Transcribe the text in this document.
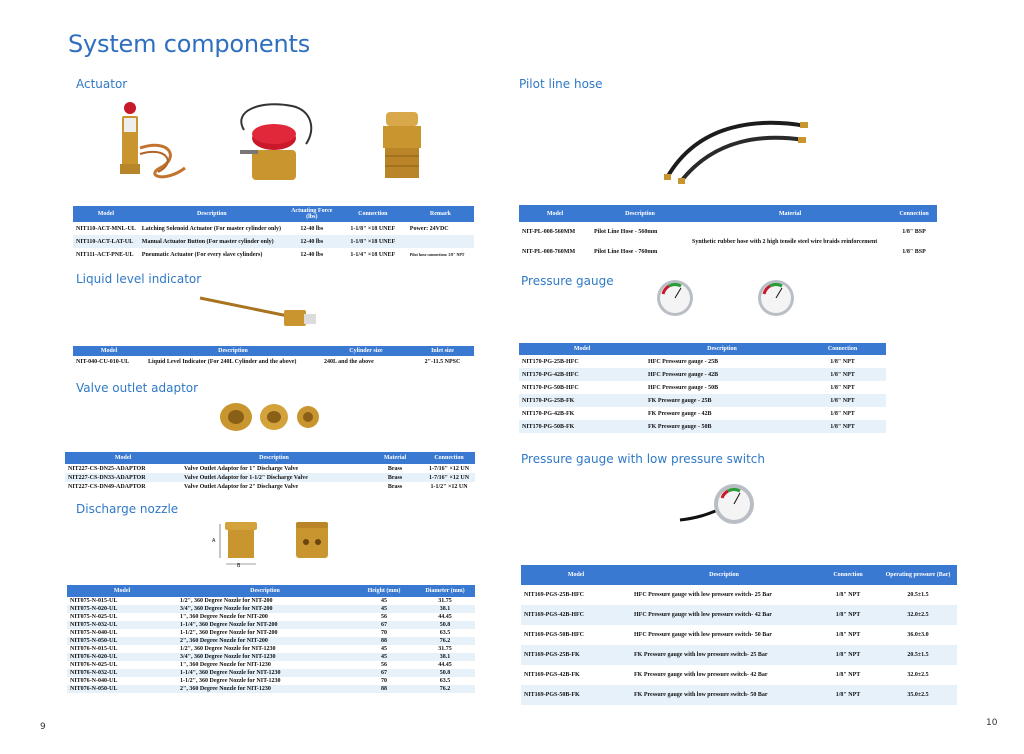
System components
Actuator
Model	Description	Actuating Force (lbs)	Connection	Remark
NIT110-ACT-MNL-UL	Latching Solenoid Actuator (For master cylinder only)	12-40 lbs	1-1/8" ×18 UNEF	Power: 24VDC
NIT110-ACT-LAT-UL	Manual Actuator Button (For master cylinder only)	12-40 lbs	1-1/8" ×18 UNEF	
NIT111-ACT-PNE-UL	Pneumatic Actuator (For every slave cylinders)	12-40 lbs	1-1/4" ×18 UNEF	Pilot hose connection: 1/8" NPT
Liquid level indicator
Model	Description	Cylinder size	Inlet size
NIT-040-CU-010-UL	Liquid Level Indicator (For 240L Cylinder and the above)	240L and the above	2"-11.5 NPSC
Valve outlet adaptor
Model	Description	Material	Connection
NIT227-CS-DN25-ADAPTOR	Valve Outlet Adaptor for 1" Discharge Valve	Brass	1-7/16" ×12 UN
NIT227-CS-DN33-ADAPTOR	Valve Outlet Adaptor for 1-1/2" Discharge Valve	Brass	1-7/16" ×12 UN
NIT227-CS-DN49-ADAPTOR	Valve Outlet Adaptor for 2" Discharge Valve	Brass	1-1/2" ×12 UN
Discharge nozzle
A
B
Model	Description	Height (mm)	Diameter (mm)
NIT075-N-015-UL	1/2", 360 Degree Nozzle for NIT-200	45	31.75
NIT075-N-020-UL	3/4", 360 Degree Nozzle for NIT-200	45	38.1
NIT075-N-025-UL	1", 360 Degree Nozzle for NIT-200	56	44.45
NIT075-N-032-UL	1-1/4", 360 Degree Nozzle for NIT-200	67	50.8
NIT075-N-040-UL	1-1/2", 360 Degree Nozzle for NIT-200	70	63.5
NIT075-N-050-UL	2", 360 Degree Nozzle for NIT-200	88	76.2
NIT076-N-015-UL	1/2", 360 Degree Nozzle for NIT-1230	45	31.75
NIT076-N-020-UL	3/4", 360 Degree Nozzle for NIT-1230	45	38.1
NIT076-N-025-UL	1", 360 Degree Nozzle for NIT-1230	56	44.45
NIT076-N-032-UL	1-1/4", 360 Degree Nozzle for NIT-1230	67	50.8
NIT076-N-040-UL	1-1/2", 360 Degree Nozzle for NIT-1230	70	63.5
NIT076-N-050-UL	2", 360 Degree Nozzle for NIT-1230	88	76.2
9
Pilot line hose
Model	Description	Material	Connection
NIT-PL-008-560MM	Pilot Line Hose - 560mm	Synthetic rubber hose with 2 high tensile steel wire braids reinforcement	1/8" BSP
NIT-PL-008-760MM	Pilot Line Hose - 760mm		1/8" BSP
Pressure gauge
Model	Description	Connection
NIT170-PG-25B-HFC	HFC Presssure gauge - 25B	1/8" NPT
NIT170-PG-42B-HFC	HFC Presssure gauge - 42B	1/8" NPT
NIT170-PG-50B-HFC	HFC Presssure gauge - 50B	1/8" NPT
NIT170-PG-25B-FK	FK Pressure gauge - 25B	1/8" NPT
NIT170-PG-42B-FK	FK Pressure gauge - 42B	1/8" NPT
NIT170-PG-50B-FK	FK Pressure gauge - 50B	1/8" NPT
Pressure gauge with low pressure switch
Model	Description	Connection	Operating pressure (Bar)
NIT169-PGS-25B-HFC	HFC Pressure gauge with low pressure switch- 25 Bar	1/8" NPT	20.5±1.5
NIT169-PGS-42B-HFC	HFC Pressure gauge with low pressure switch- 42 Bar	1/8" NPT	32.0±2.5
NIT169-PGS-50B-HFC	HFC Pressure gauge with low pressure switch- 50 Bar	1/8" NPT	36.0±3.0
NIT169-PGS-25B-FK	FK Pressure gauge with low pressure switch- 25 Bar	1/8" NPT	20.5±1.5
NIT169-PGS-42B-FK	FK Pressure gauge with low pressure switch- 42 Bar	1/8" NPT	32.0±2.5
NIT169-PGS-50B-FK	FK Pressure gauge with low pressure switch- 50 Bar	1/8" NPT	35.0±2.5
10
